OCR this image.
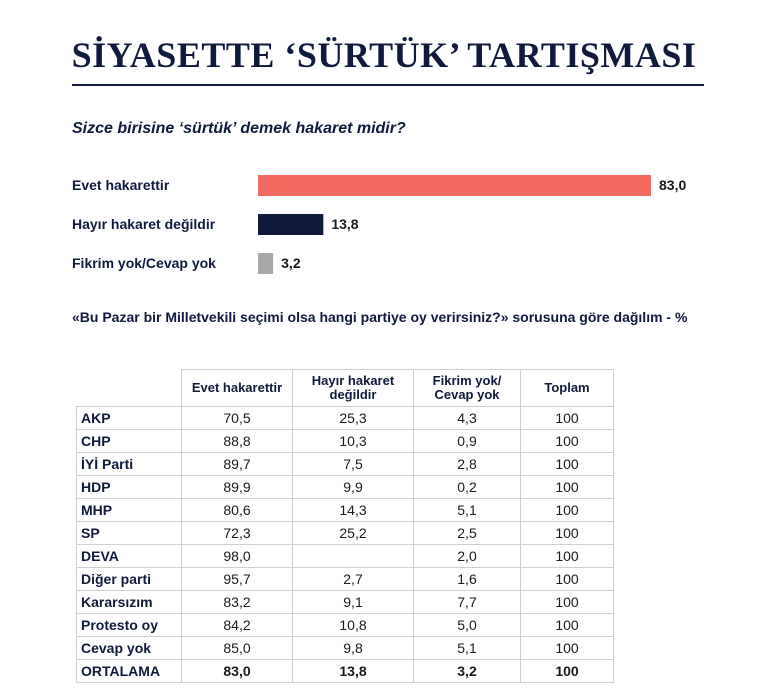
SİYASETTE ‘SÜRTÜK’ TARTIŞMASI
Sizce birisine ‘sürtük’ demek hakaret midir?
Evet hakarettir	83,0
Hayır hakaret değildir	13,8
Fikrim yok/Cevap yok	3,2
«Bu Pazar bir Milletvekili seçimi olsa hangi partiye oy verirsiniz?» sorusuna göre dağılım - %
	Evet hakarettir	Hayır hakaret değildir	Fikrim yok/ Cevap yok	Toplam
AKP	70,5	25,3	4,3	100
CHP	88,8	10,3	0,9	100
İYİ Parti	89,7	7,5	2,8	100
HDP	89,9	9,9	0,2	100
MHP	80,6	14,3	5,1	100
SP	72,3	25,2	2,5	100
DEVA	98,0		2,0	100
Diğer parti	95,7	2,7	1,6	100
Kararsızım	83,2	9,1	7,7	100
Protesto oy	84,2	10,8	5,0	100
Cevap yok	85,0	9,8	5,1	100
ORTALAMA	83,0	13,8	3,2	100
